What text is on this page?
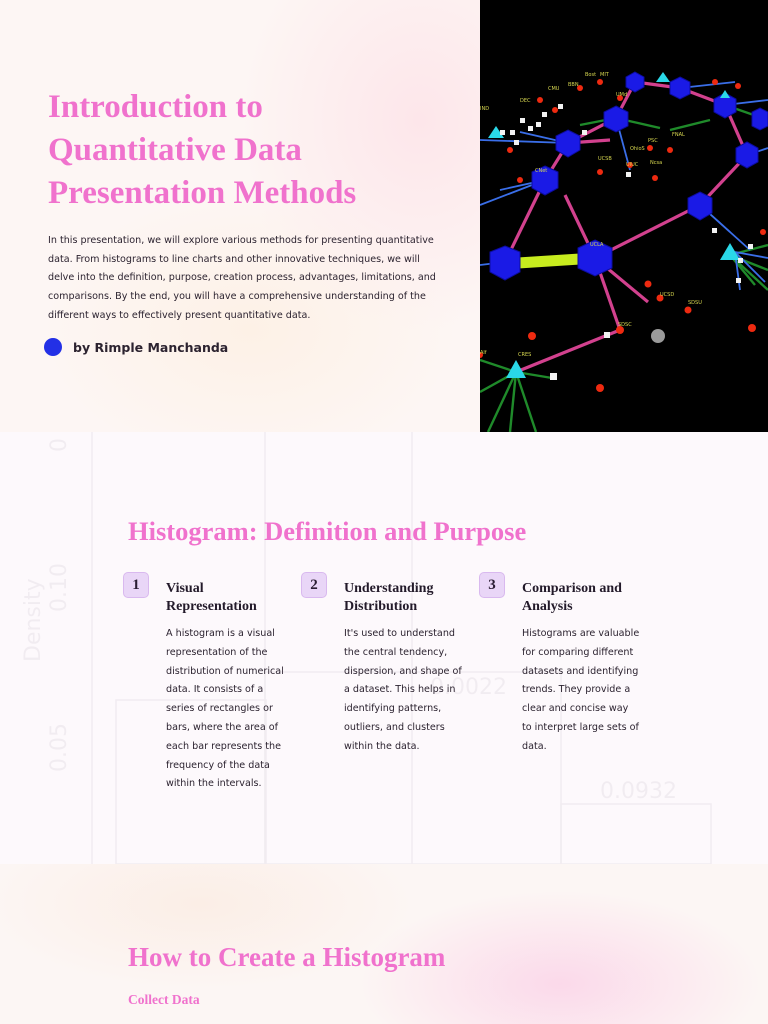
Introduction to Quantitative Data Presentation Methods

In this presentation, we will explore various methods for presenting quantitative data. From histograms to line charts and other innovative techniques, we will delve into the definition, purpose, creation process, advantages, limitations, and comparisons. By the end, you will have a comprehensive understanding of the different ways to effectively present quantitative data.

by Rimple Manchanda
IND
MIT
Bost
BBN
CMU
DEC
UMd
UCSB
UIUC
CNet
PSC
FNAL
OhioS
Ncsa
UCLA
SDSC
UCSD
SDSU
Alf	CRES
Density
0
0.10
0.05
0.0022
0.0932
Histogram: Definition and Purpose
1	Visual Representation

A histogram is a visual representation of the distribution of numerical data. It consists of a series of rectangles or bars, where the area of each bar represents the frequency of the data within the intervals.

2	Understanding Distribution

It's used to understand the central tendency, dispersion, and shape of a dataset. This helps in identifying patterns, outliers, and clusters within the data.

3	Comparison and Analysis

Histograms are valuable for comparing different datasets and identifying trends. They provide a clear and concise way to interpret large sets of data.

How to Create a Histogram
Collect Data
